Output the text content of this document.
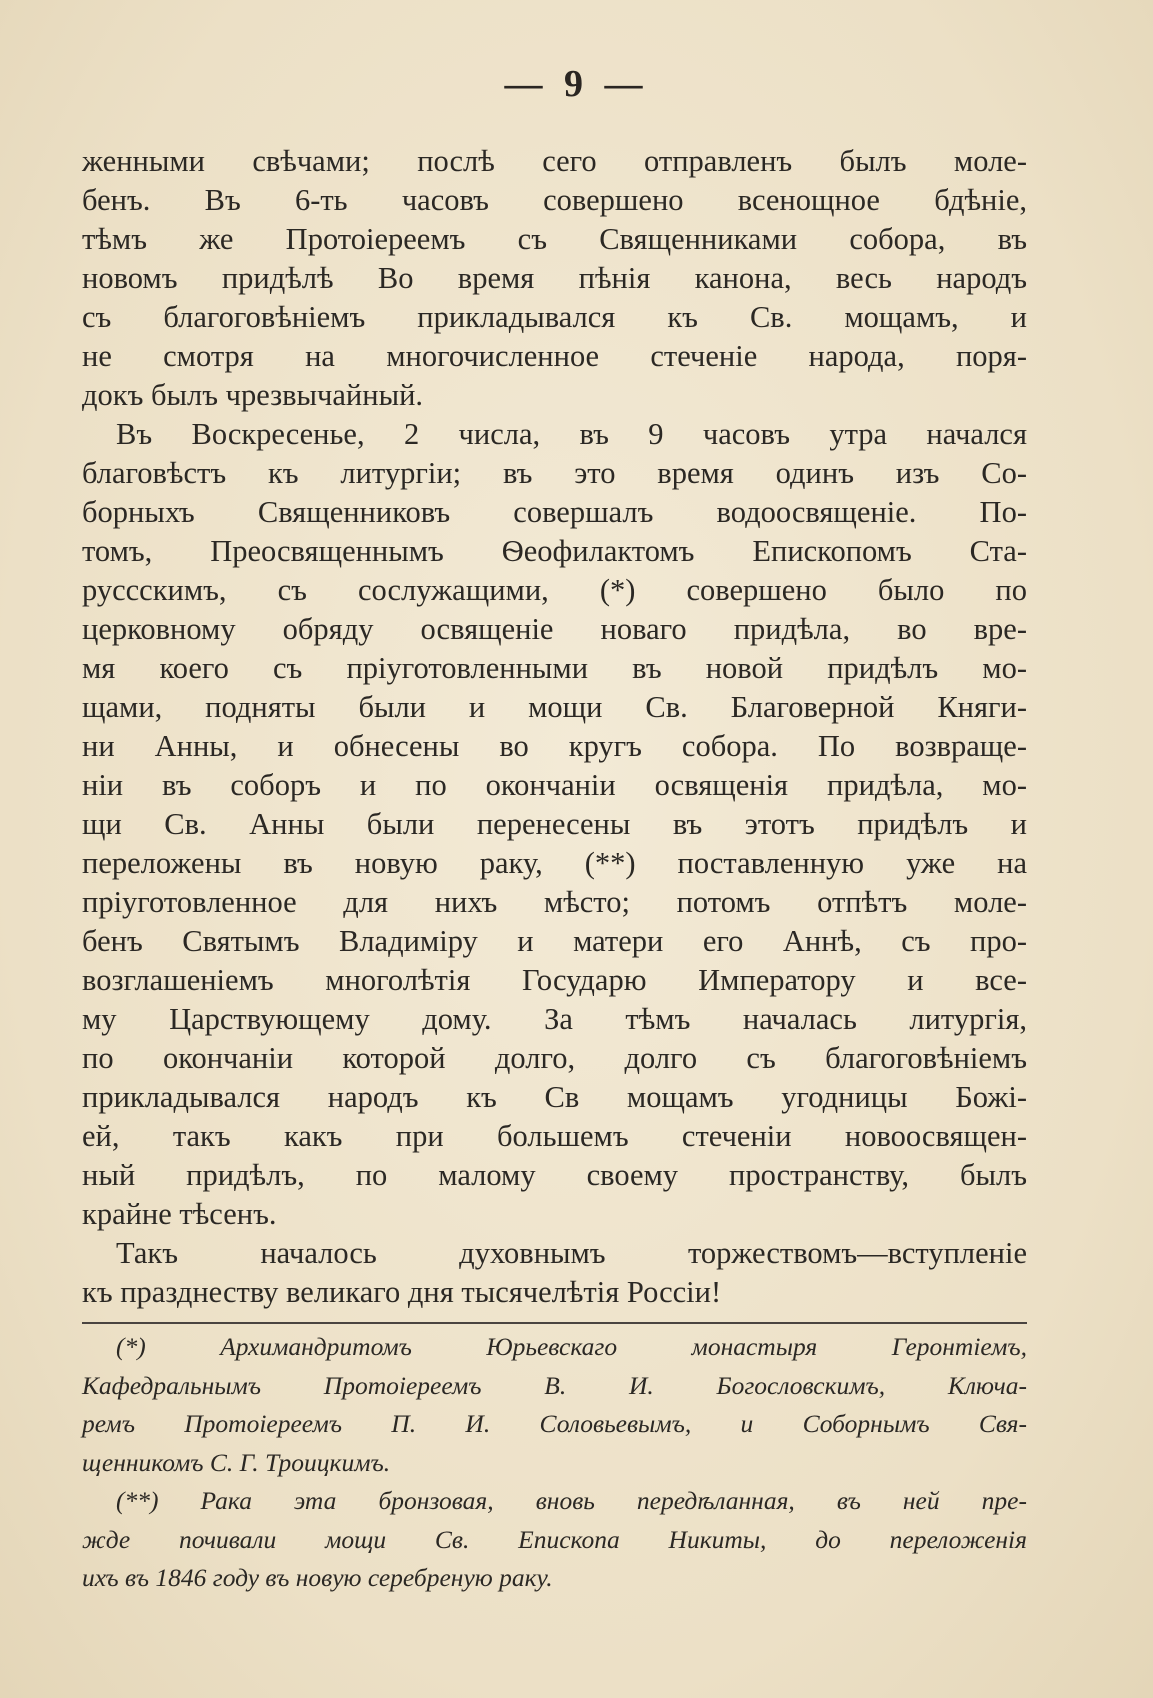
— 9 —
женными свѣчами; послѣ сего отправленъ былъ моле-
бенъ. Въ 6-ть часовъ совершено всенощное бдѣніе,
тѣмъ же Протоіереемъ съ Священниками собора, въ
новомъ придѣлѣ Во время пѣнія канона, весь народъ
съ благоговѣніемъ прикладывался къ Св. мощамъ, и
не смотря на многочисленное стеченіе народа, поря-
докъ былъ чрезвычайный.
Въ Воскресенье, 2 числа, въ 9 часовъ утра начался
благовѣстъ къ литургіи; въ это время одинъ изъ Со-
борныхъ Священниковъ совершалъ водоосвященіе. По-
томъ, Преосвященнымъ Ѳеофилактомъ Епископомъ Ста-
руссскимъ, съ сослужащими, (*) совершено было по
церковному обряду освященіе новаго придѣла, во вре-
мя коего съ пріуготовленными въ новой придѣлъ мо-
щами, подняты были и мощи Св. Благоверной Княги-
ни Анны, и обнесены во кругъ собора. По возвраще-
ніи въ соборъ и по окончаніи освященія придѣла, мо-
щи Св. Анны были перенесены въ этотъ придѣлъ и
переложены въ новую раку, (**) поставленную уже на
пріуготовленное для нихъ мѣсто; потомъ отпѣтъ моле-
бенъ Святымъ Владиміру и матери его Аннѣ, съ про-
возглашеніемъ многолѣтія Государю Императору и все-
му Царствующему дому. За тѣмъ началась литургія,
по окончаніи которой долго, долго съ благоговѣніемъ
прикладывался народъ къ Св мощамъ угодницы Божі-
ей, такъ какъ при большемъ стеченіи новоосвящен-
ный придѣлъ, по малому своему пространству, былъ
крайне тѣсенъ.
Такъ началось духовнымъ торжествомъ—вступленіе
къ празднеству великаго дня тысячелѣтія Россіи!
(*) Архимандритомъ Юрьевскаго монастыря Геронтіемъ,
Кафедральнымъ Протоіереемъ В. И. Богословскимъ, Ключа-
ремъ Протоіереемъ П. И. Соловьевымъ, и Соборнымъ Свя-
щенникомъ С. Г. Троицкимъ.
(**) Рака эта бронзовая, вновь передѣланная, въ ней пре-
жде почивали мощи Св. Епископа Никиты, до переложенія
ихъ въ 1846 году въ новую серебреную раку.
